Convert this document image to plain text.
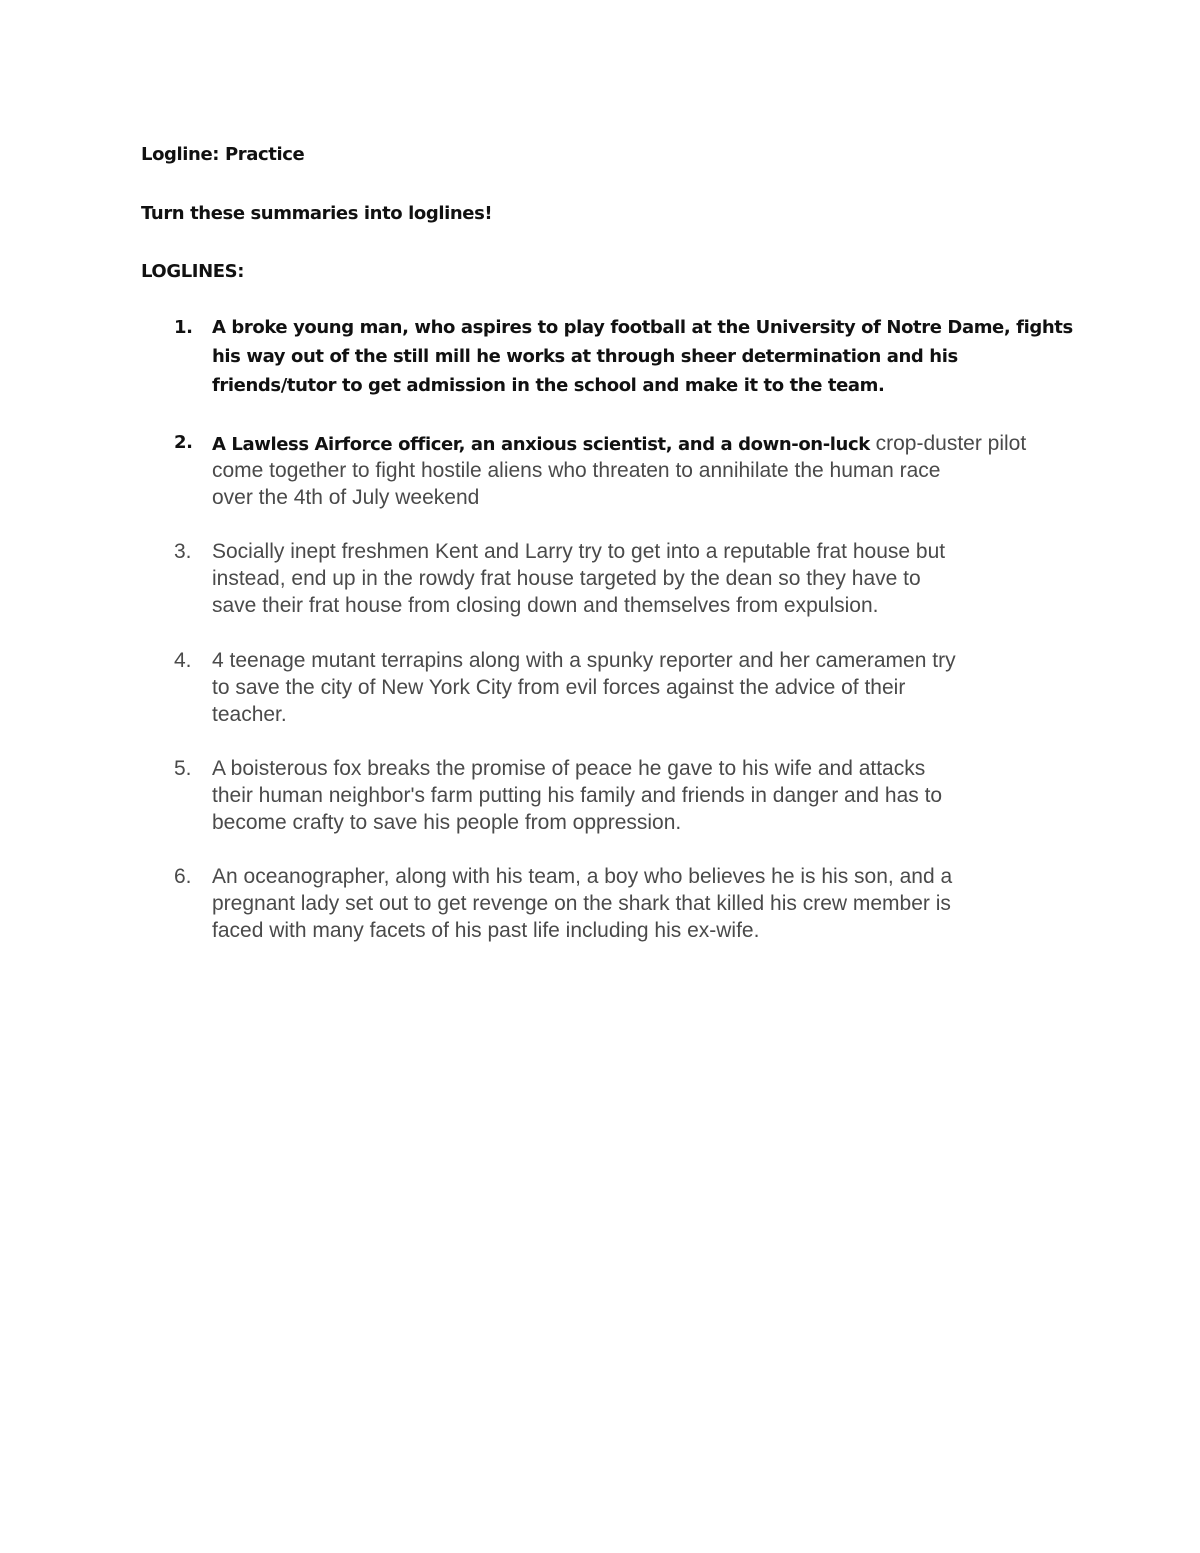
Logline: Practice
Turn these summaries into loglines!
LOGLINES:
1. A broke young man, who aspires to play football at the University of Notre Dame, fights
his way out of the still mill he works at through sheer determination and his
friends/tutor to get admission in the school and make it to the team.
2. A Lawless Airforce officer, an anxious scientist, and a down-on-luck crop-duster pilot
come together to fight hostile aliens who threaten to annihilate the human race
over the 4th of July weekend
3. Socially inept freshmen Kent and Larry try to get into a reputable frat house but
instead, end up in the rowdy frat house targeted by the dean so they have to
save their frat house from closing down and themselves from expulsion.
4. 4 teenage mutant terrapins along with a spunky reporter and her cameramen try
to save the city of New York City from evil forces against the advice of their
teacher.
5. A boisterous fox breaks the promise of peace he gave to his wife and attacks
their human neighbor's farm putting his family and friends in danger and has to
become crafty to save his people from oppression.
6. An oceanographer, along with his team, a boy who believes he is his son, and a
pregnant lady set out to get revenge on the shark that killed his crew member is
faced with many facets of his past life including his ex-wife.
